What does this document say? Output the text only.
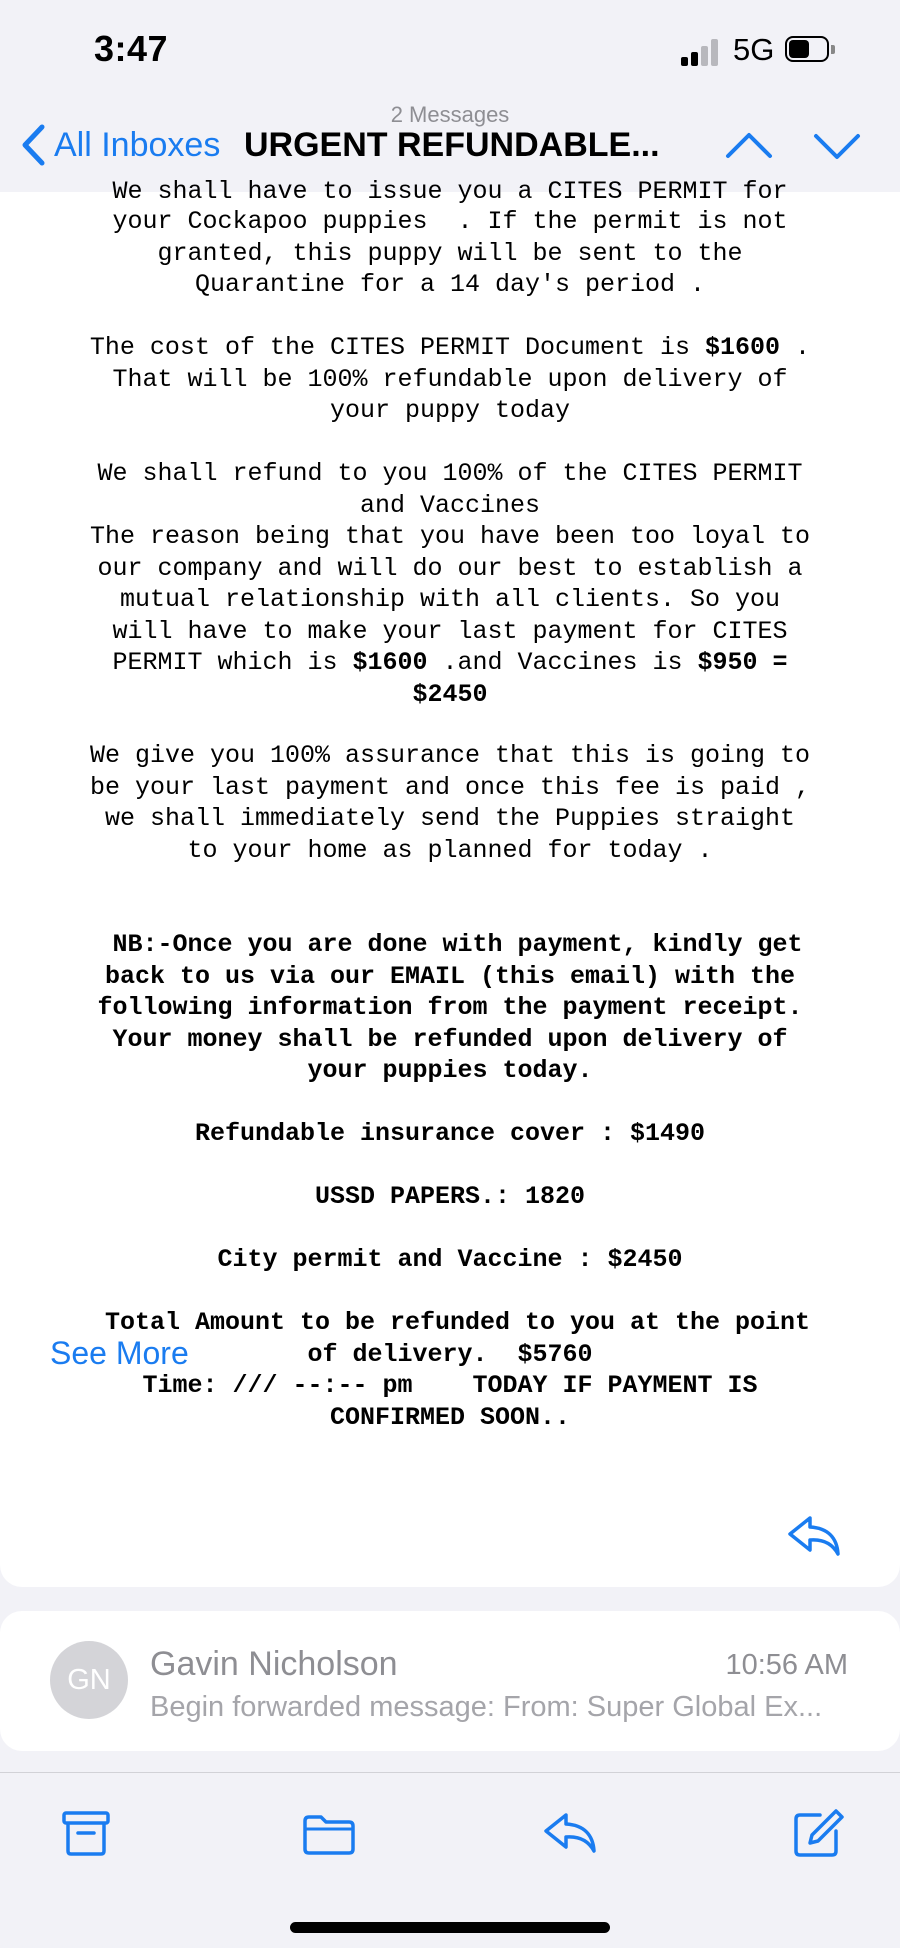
3:47	5G
2 Messages
All Inboxes URGENT REFUNDABLE...
We shall have to issue you a CITES PERMIT for
your Cockapoo puppies  . If the permit is not
granted, this puppy will be sent to the
Quarantine for a 14 day's period .
The cost of the CITES PERMIT Document is $1600 .
That will be 100% refundable upon delivery of
your puppy today
We shall refund to you 100% of the CITES PERMIT
and Vaccines
The reason being that you have been too loyal to
our company and will do our best to establish a
mutual relationship with all clients. So you
will have to make your last payment for CITES
PERMIT which is $1600 .and Vaccines is $950 =
$2450
We give you 100% assurance that this is going to
be your last payment and once this fee is paid ,
we shall immediately send the Puppies straight
to your home as planned for today .
NB:-Once you are done with payment, kindly get
back to us via our EMAIL (this email) with the
following information from the payment receipt.
Your money shall be refunded upon delivery of
your puppies today.
Refundable insurance cover : $1490
USSD PAPERS.: 1820
City permit and Vaccine : $2450
Total Amount to be refunded to you at the point
of delivery.  $5760
Time: /// --:-- pm    TODAY IF PAYMENT IS
CONFIRMED SOON..
See More
GN	Gavin Nicholson	10:56 AM
Begin forwarded message: From: Super Global Ex...
